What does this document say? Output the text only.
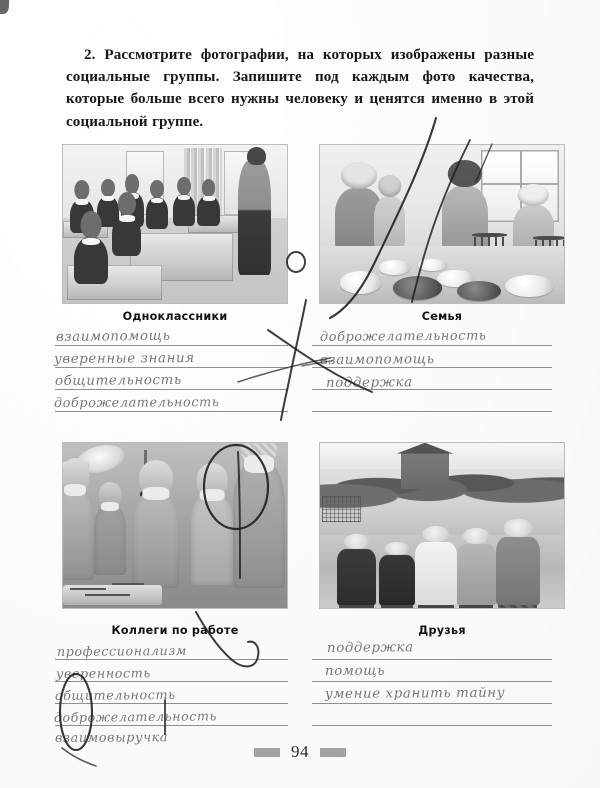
2. Рассмотрите фотографии, на которых изображены разные социальные группы. Запишите под каждым фото качества, которые больше всего нужны человеку и ценятся именно в этой социальной группе.
Одноклассники	Семья
взаимопомощь
уверенные знания
общительность
доброжелательность
доброжелательность
взаимопомощь
поддержка
Коллеги по работе	Друзья
профессионализм
уверенность
общительность
доброжелательность
взаимовыручка
поддержка
помощь
умение хранить тайну
94
